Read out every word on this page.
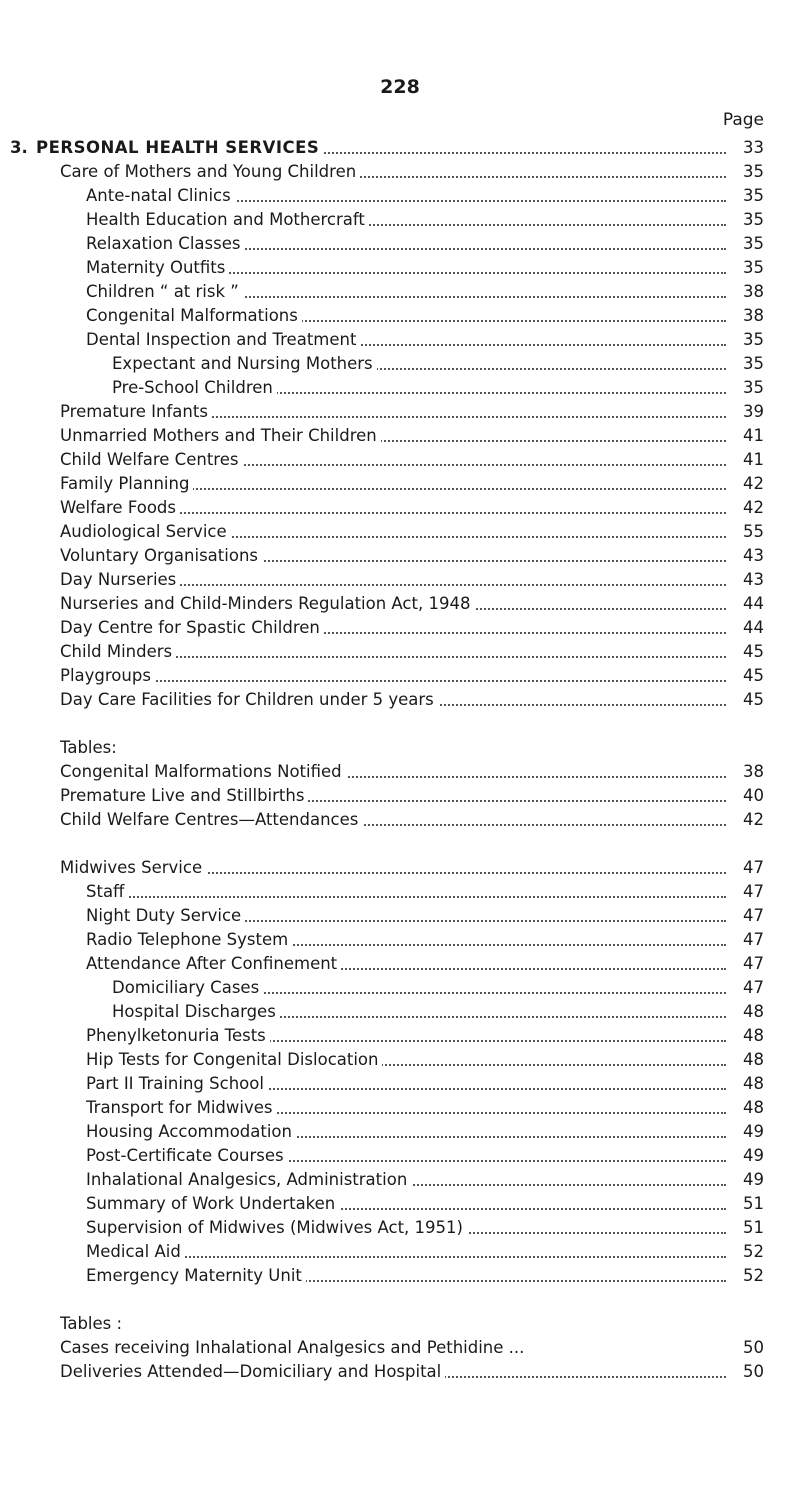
228
Page
3. PERSONAL HEALTH SERVICES	33
Care of Mothers and Young Children	35
Ante-natal Clinics	35
Health Education and Mothercraft	35
Relaxation Classes	35
Maternity Outfits	35
Children “ at risk ”	38
Congenital Malformations	38
Dental Inspection and Treatment	35
Expectant and Nursing Mothers	35
Pre-School Children	35
Premature Infants	39
Unmarried Mothers and Their Children	41
Child Welfare Centres	41
Family Planning	42
Welfare Foods	42
Audiological Service	55
Voluntary Organisations	43
Day Nurseries	43
Nurseries and Child-Minders Regulation Act, 1948	44
Day Centre for Spastic Children	44
Child Minders	45
Playgroups	45
Day Care Facilities for Children under 5 years	45
Tables:
Congenital Malformations Notified	38
Premature Live and Stillbirths	40
Child Welfare Centres—Attendances	42
Midwives Service	47
Staff	47
Night Duty Service	47
Radio Telephone System	47
Attendance After Confinement	47
Domiciliary Cases	47
Hospital Discharges	48
Phenylketonuria Tests	48
Hip Tests for Congenital Dislocation	48
Part II Training School	48
Transport for Midwives	48
Housing Accommodation	49
Post-Certificate Courses	49
Inhalational Analgesics, Administration	49
Summary of Work Undertaken	51
Supervision of Midwives (Midwives Act, 1951)	51
Medical Aid	52
Emergency Maternity Unit	52
Tables :
Cases receiving Inhalational Analgesics and Pethidine ...	50
Deliveries Attended—Domiciliary and Hospital	50
